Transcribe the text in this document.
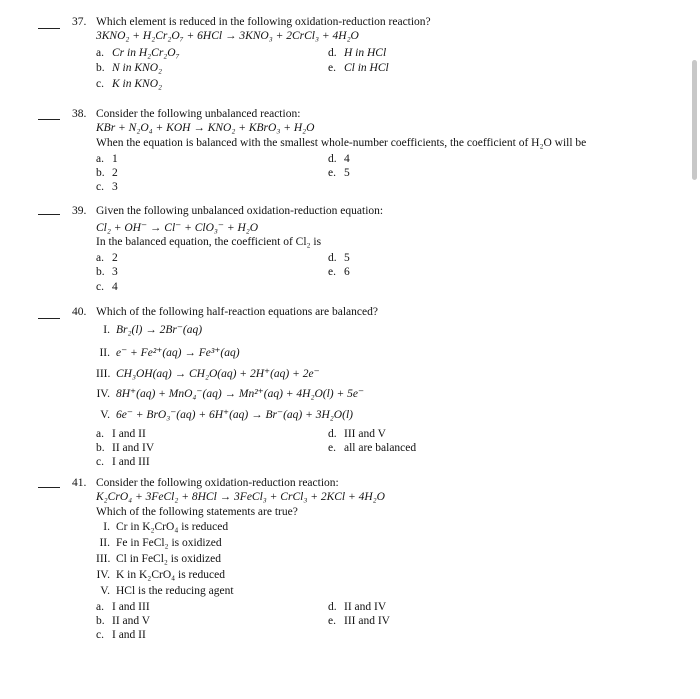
37. Which element is reduced in the following oxidation-reduction reaction?
3KNO₂ + H₂Cr₂O₇ + 6HCl → 3KNO₃ + 2CrCl₃ + 4H₂O
a. Cr in H₂Cr₂O₇
b. N in KNO₂
c. K in KNO₂
d. H in HCl
e. Cl in HCl
38. Consider the following unbalanced reaction:
KBr + N₂O₄ + KOH → KNO₂ + KBrO₃ + H₂O
When the equation is balanced with the smallest whole-number coefficients, the coefficient of H₂O will be
a. 1
b. 2
c. 3
d. 4
e. 5
39. Given the following unbalanced oxidation-reduction equation:
Cl₂ + OH⁻ → Cl⁻ + ClO₃⁻ + H₂O
In the balanced equation, the coefficient of Cl₂ is
a. 2
b. 3
c. 4
d. 5
e. 6
40. Which of the following half-reaction equations are balanced?
I. Br₂(l) → 2Br⁻(aq)
II. e⁻ + Fe²⁺(aq) → Fe³⁺(aq)
III. CH₃OH(aq) → CH₂O(aq) + 2H⁺(aq) + 2e⁻
IV. 8H⁺(aq) + MnO₄⁻(aq) → Mn²⁺(aq) + 4H₂O(l) + 5e⁻
V. 6e⁻ + BrO₃⁻(aq) + 6H⁺(aq) → Br⁻(aq) + 3H₂O(l)
a. I and II
b. II and IV
c. I and III
d. III and V
e. all are balanced
41. Consider the following oxidation-reduction reaction:
K₂CrO₄ + 3FeCl₂ + 8HCl → 3FeCl₃ + CrCl₃ + 2KCl + 4H₂O
Which of the following statements are true?
I. Cr in K₂CrO₄ is reduced
II. Fe in FeCl₂ is oxidized
III. Cl in FeCl₂ is oxidized
IV. K in K₂CrO₄ is reduced
V. HCl is the reducing agent
a. I and III
b. II and V
c. I and II
d. II and IV
e. III and IV
